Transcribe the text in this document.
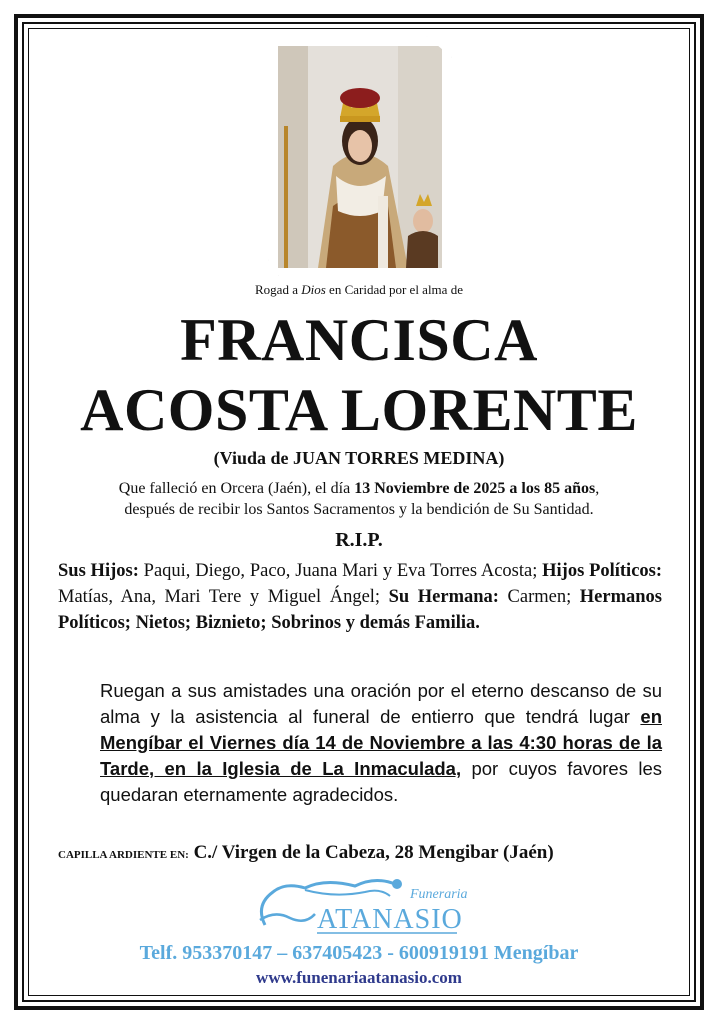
Rogad a Dios en Caridad por el alma de
FRANCISCA
ACOSTA LORENTE
(Viuda de JUAN TORRES MEDINA)
Que falleció en Orcera (Jaén), el día 13 Noviembre de 2025 a los 85 años,
después de recibir los Santos Sacramentos y la bendición de Su Santidad.
R.I.P.
Sus Hijos: Paqui, Diego, Paco, Juana Mari y Eva Torres Acosta; Hijos Políticos: Matías, Ana, Mari Tere y Miguel Ángel; Su Hermana: Carmen; Hermanos Políticos; Nietos; Biznieto; Sobrinos y demás Familia.
Ruegan a sus amistades una oración por el eterno descanso de su alma y la asistencia al funeral de entierro que tendrá lugar en Mengíbar el Viernes día 14 de Noviembre a las 4:30 horas de la Tarde, en la Iglesia de La Inmaculada, por cuyos favores les quedaran eternamente agradecidos.
CAPILLA ARDIENTE EN: C./ Virgen de la Cabeza, 28 Mengibar (Jaén)
Funeraria
ATANASIO
Telf. 953370147 – 637405423 - 600919191 Mengíbar
www.funenariaatanasio.com
